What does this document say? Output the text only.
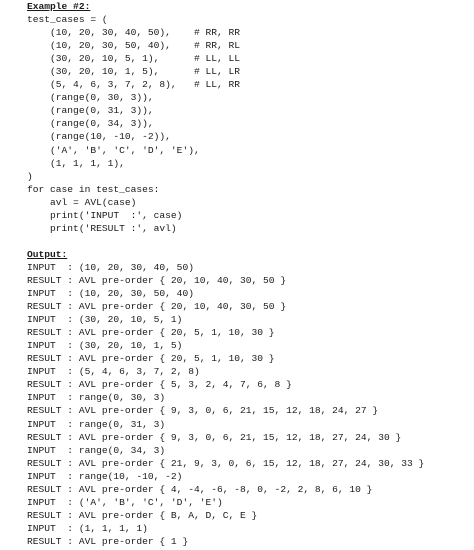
Example #2:
test_cases = (
(10, 20, 30, 40, 50),    # RR, RR
(10, 20, 30, 50, 40),    # RR, RL
(30, 20, 10, 5, 1),      # LL, LL
(30, 20, 10, 1, 5),      # LL, LR
(5, 4, 6, 3, 7, 2, 8),   # LL, RR
(range(0, 30, 3)),
(range(0, 31, 3)),
(range(0, 34, 3)),
(range(10, -10, -2)),
('A', 'B', 'C', 'D', 'E'),
(1, 1, 1, 1),
)
for case in test_cases:
avl = AVL(case)
print('INPUT  :', case)
print('RESULT :', avl)
Output:
INPUT  : (10, 20, 30, 40, 50)
RESULT : AVL pre-order { 20, 10, 40, 30, 50 }
INPUT  : (10, 20, 30, 50, 40)
RESULT : AVL pre-order { 20, 10, 40, 30, 50 }
INPUT  : (30, 20, 10, 5, 1)
RESULT : AVL pre-order { 20, 5, 1, 10, 30 }
INPUT  : (30, 20, 10, 1, 5)
RESULT : AVL pre-order { 20, 5, 1, 10, 30 }
INPUT  : (5, 4, 6, 3, 7, 2, 8)
RESULT : AVL pre-order { 5, 3, 2, 4, 7, 6, 8 }
INPUT  : range(0, 30, 3)
RESULT : AVL pre-order { 9, 3, 0, 6, 21, 15, 12, 18, 24, 27 }
INPUT  : range(0, 31, 3)
RESULT : AVL pre-order { 9, 3, 0, 6, 21, 15, 12, 18, 27, 24, 30 }
INPUT  : range(0, 34, 3)
RESULT : AVL pre-order { 21, 9, 3, 0, 6, 15, 12, 18, 27, 24, 30, 33 }
INPUT  : range(10, -10, -2)
RESULT : AVL pre-order { 4, -4, -6, -8, 0, -2, 2, 8, 6, 10 }
INPUT  : ('A', 'B', 'C', 'D', 'E')
RESULT : AVL pre-order { B, A, D, C, E }
INPUT  : (1, 1, 1, 1)
RESULT : AVL pre-order { 1 }
